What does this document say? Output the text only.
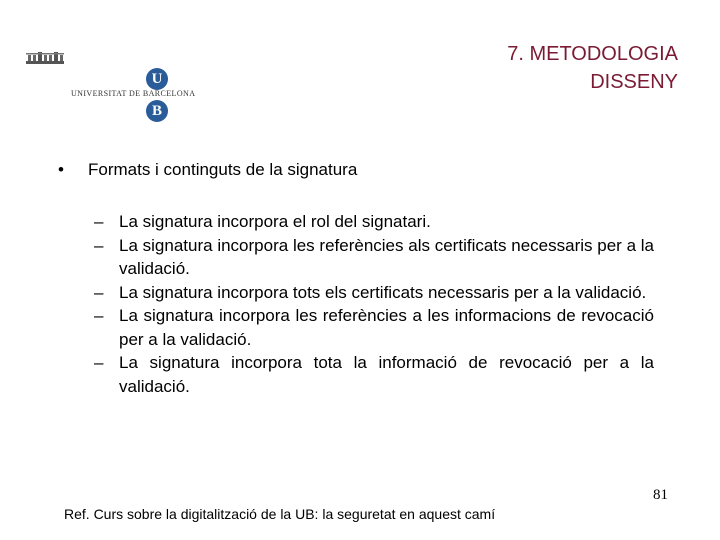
U
UNIVERSITAT DE BARCELONA
B
7. METODOLOGIA
DISSENY
• Formats i continguts de la signatura
– La signatura incorpora el rol del signatari.
– La signatura incorpora les referències als certificats necessaris per a la validació.
– La signatura incorpora tots els certificats necessaris per a la validació.
– La signatura incorpora les referències a les informacions de revocació per a la validació.
– La signatura incorpora tota la informació de revocació per a la validació.
81
Ref. Curs sobre la digitalització de la UB: la seguretat en aquest camí
